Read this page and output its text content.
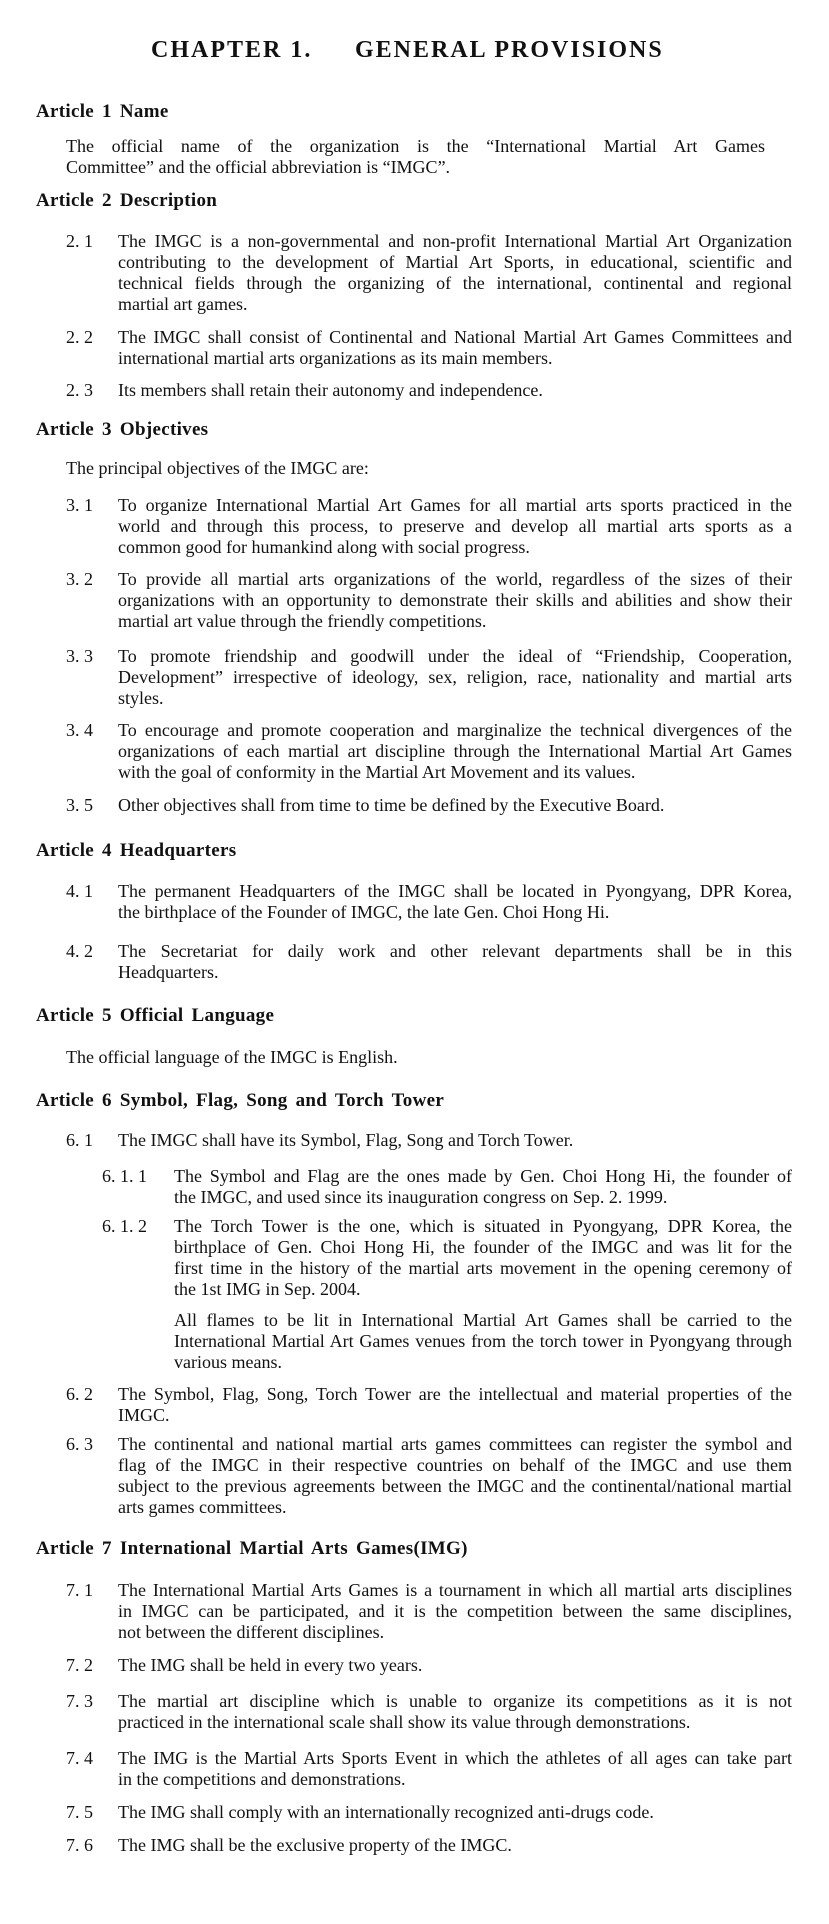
CHAPTER 1. GENERAL PROVISIONS
Article 1 Name
The official name of the organization is the “International Martial Art Games
Committee” and the official abbreviation is “IMGC”.
Article 2 Description
2. 1 The IMGC is a non-governmental and non-profit International Martial Art Organization
contributing to the development of Martial Art Sports, in educational, scientific and
technical fields through the organizing of the international, continental and regional
martial art games.
2. 2 The IMGC shall consist of Continental and National Martial Art Games Committees and
international martial arts organizations as its main members.
2. 3 Its members shall retain their autonomy and independence.
Article 3 Objectives
The principal objectives of the IMGC are:
3. 1 To organize International Martial Art Games for all martial arts sports practiced in the
world and through this process, to preserve and develop all martial arts sports as a
common good for humankind along with social progress.
3. 2 To provide all martial arts organizations of the world, regardless of the sizes of their
organizations with an opportunity to demonstrate their skills and abilities and show their
martial art value through the friendly competitions.
3. 3 To promote friendship and goodwill under the ideal of “Friendship, Cooperation,
Development” irrespective of ideology, sex, religion, race, nationality and martial arts
styles.
3. 4 To encourage and promote cooperation and marginalize the technical divergences of the
organizations of each martial art discipline through the International Martial Art Games
with the goal of conformity in the Martial Art Movement and its values.
3. 5 Other objectives shall from time to time be defined by the Executive Board.
Article 4 Headquarters
4. 1 The permanent Headquarters of the IMGC shall be located in Pyongyang, DPR Korea,
the birthplace of the Founder of IMGC, the late Gen. Choi Hong Hi.
4. 2 The Secretariat for daily work and other relevant departments shall be in this
Headquarters.
Article 5 Official Language
The official language of the IMGC is English.
Article 6 Symbol, Flag, Song and Torch Tower
6. 1 The IMGC shall have its Symbol, Flag, Song and Torch Tower.
6. 1. 1 The Symbol and Flag are the ones made by Gen. Choi Hong Hi, the founder of
the IMGC, and used since its inauguration congress on Sep. 2. 1999.
6. 1. 2 The Torch Tower is the one, which is situated in Pyongyang, DPR Korea, the
birthplace of Gen. Choi Hong Hi, the founder of the IMGC and was lit for the
first time in the history of the martial arts movement in the opening ceremony of
the 1st IMG in Sep. 2004.
All flames to be lit in International Martial Art Games shall be carried to the
International Martial Art Games venues from the torch tower in Pyongyang through
various means.
6. 2 The Symbol, Flag, Song, Torch Tower are the intellectual and material properties of the
IMGC.
6. 3 The continental and national martial arts games committees can register the symbol and
flag of the IMGC in their respective countries on behalf of the IMGC and use them
subject to the previous agreements between the IMGC and the continental/national martial
arts games committees.
Article 7 International Martial Arts Games(IMG)
7. 1 The International Martial Arts Games is a tournament in which all martial arts disciplines
in IMGC can be participated, and it is the competition between the same disciplines,
not between the different disciplines.
7. 2 The IMG shall be held in every two years.
7. 3 The martial art discipline which is unable to organize its competitions as it is not
practiced in the international scale shall show its value through demonstrations.
7. 4 The IMG is the Martial Arts Sports Event in which the athletes of all ages can take part
in the competitions and demonstrations.
7. 5 The IMG shall comply with an internationally recognized anti-drugs code.
7. 6 The IMG shall be the exclusive property of the IMGC.
